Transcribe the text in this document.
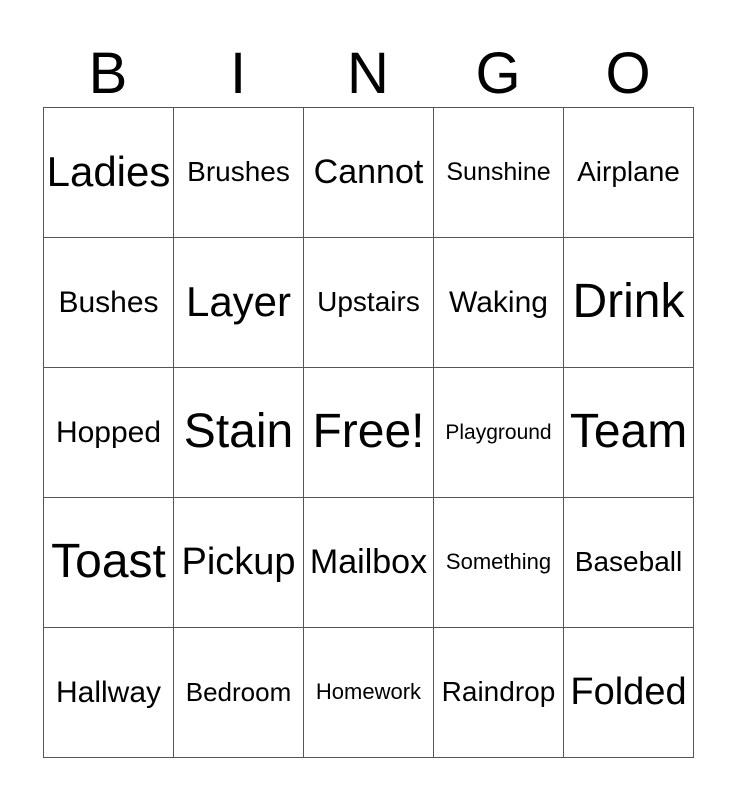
B	I	N	G	O
Ladies	Brushes	Cannot	Sunshine	Airplane
Bushes	Layer	Upstairs	Waking	Drink
Hopped	Stain	Free!	Playground	Team
Toast	Pickup	Mailbox	Something	Baseball
Hallway	Bedroom	Homework	Raindrop	Folded
